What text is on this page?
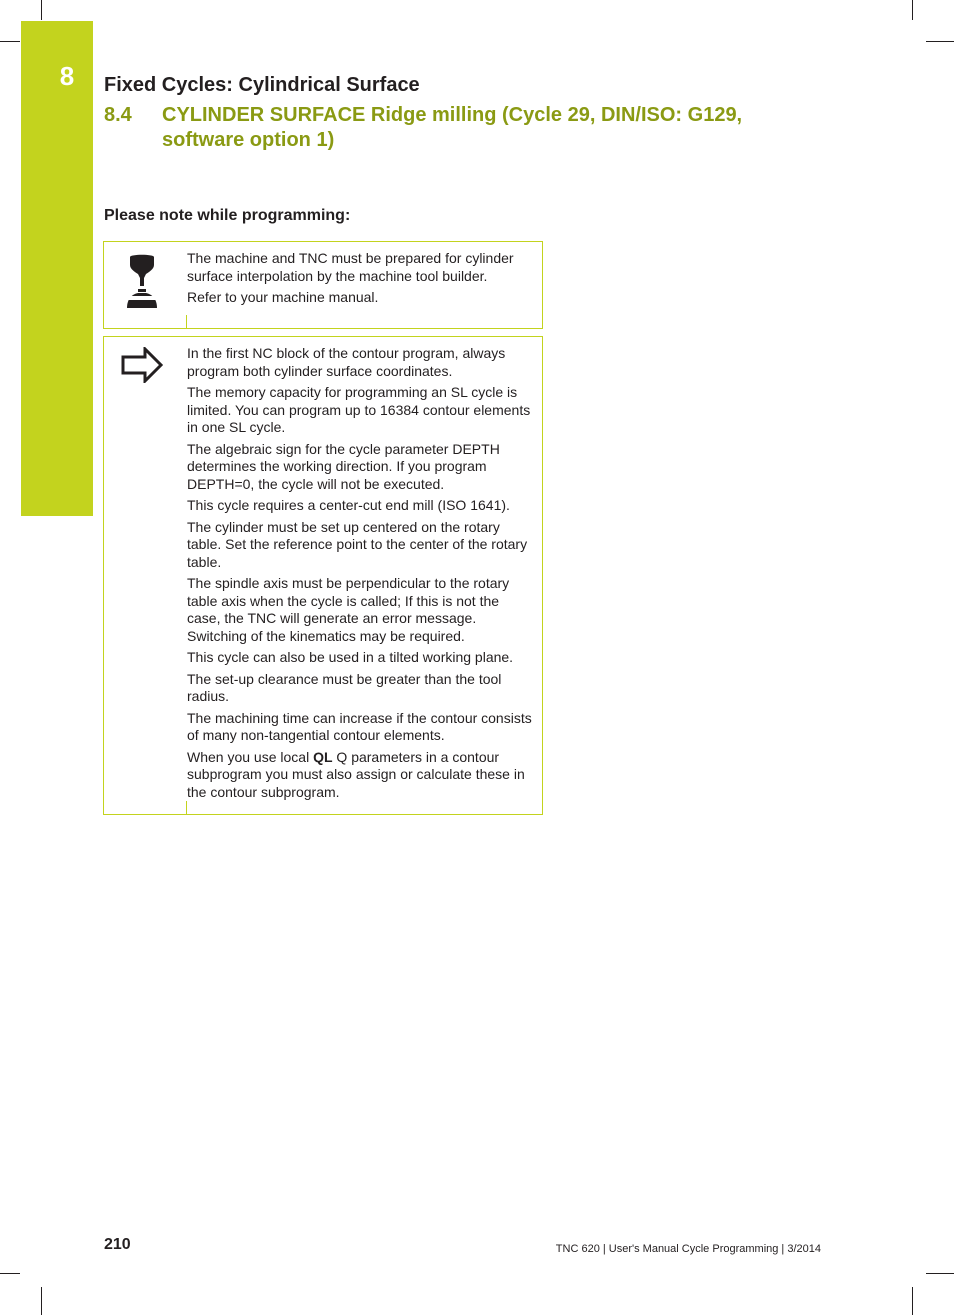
8	Fixed Cycles: Cylindrical Surface
8.4 CYLINDER SURFACE Ridge milling (Cycle 29, DIN/ISO: G129, software option 1)
Please note while programming:

The machine and TNC must be prepared for cylinder surface interpolation by the machine tool builder.

Refer to your machine manual.

In the first NC block of the contour program, always program both cylinder surface coordinates.

The memory capacity for programming an SL cycle is limited. You can program up to 16384 contour elements in one SL cycle.

The algebraic sign for the cycle parameter DEPTH determines the working direction. If you program DEPTH=0, the cycle will not be executed.

This cycle requires a center-cut end mill (ISO 1641).

The cylinder must be set up centered on the rotary table. Set the reference point to the center of the rotary table.

The spindle axis must be perpendicular to the rotary table axis when the cycle is called; If this is not the case, the TNC will generate an error message. Switching of the kinematics may be required.

This cycle can also be used in a tilted working plane.

The set-up clearance must be greater than the tool radius.

The machining time can increase if the contour consists of many non-tangential contour elements.

When you use local QL Q parameters in a contour subprogram you must also assign or calculate these in the contour subprogram.

210	TNC 620 | User's Manual Cycle Programming | 3/2014
